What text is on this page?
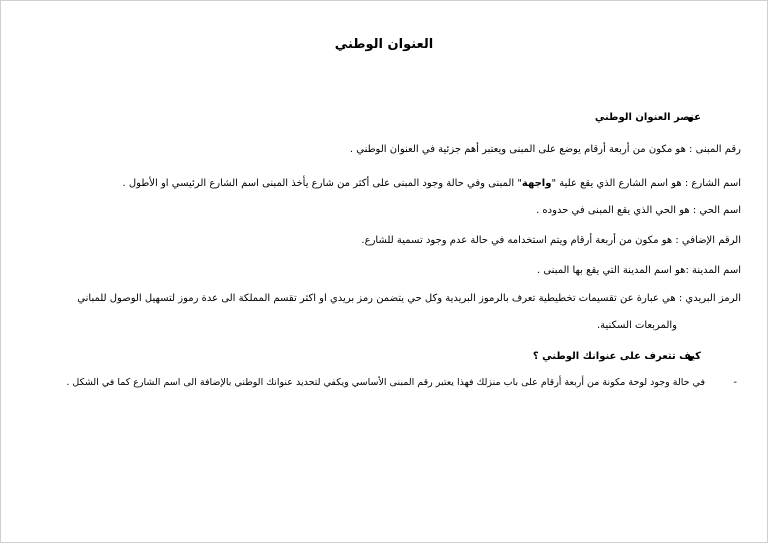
العنوان الوطني
عنصر العنوان الوطني
رقم المبنى : هو مكون من أربعة أرقام يوضع على المبنى ويعتبر أهم جزئية في العنوان الوطني .
اسم الشارع : هو اسم الشارع الذي يقع علية "واجهة" المبنى وفي حالة وجود المبنى على أكثر من شارع يأخذ المبنى اسم الشارع الرئيسي او الأطول .
اسم الحي : هو الحي الذي يقع المبنى في حدوده .
الرقم الإضافي : هو مكون من أربعة أرقام ويتم استخدامه في حالة عدم وجود تسمية للشارع.
اسم المدينة :هو اسم المدينة التي يقع بها المبنى .
الرمز البريدي : هي عبارة عن تقسيمات تخطيطية تعرف بالرموز البريدية وكل حي يتضمن رمز بريدي او اكثر تقسم المملكة الى عدة رموز لتسهيل الوصول للمباني
والمربعات السكنية.
كيف تتعرف على عنوانك الوطني ؟
-
في حالة وجود لوحة مكونة من أربعة أرقام على باب منزلك فهذا يعتبر رقم المبنى الأساسي ويكفي لتحديد عنوانك الوطني بالإضافة الى اسم الشارع كما في الشكل .
